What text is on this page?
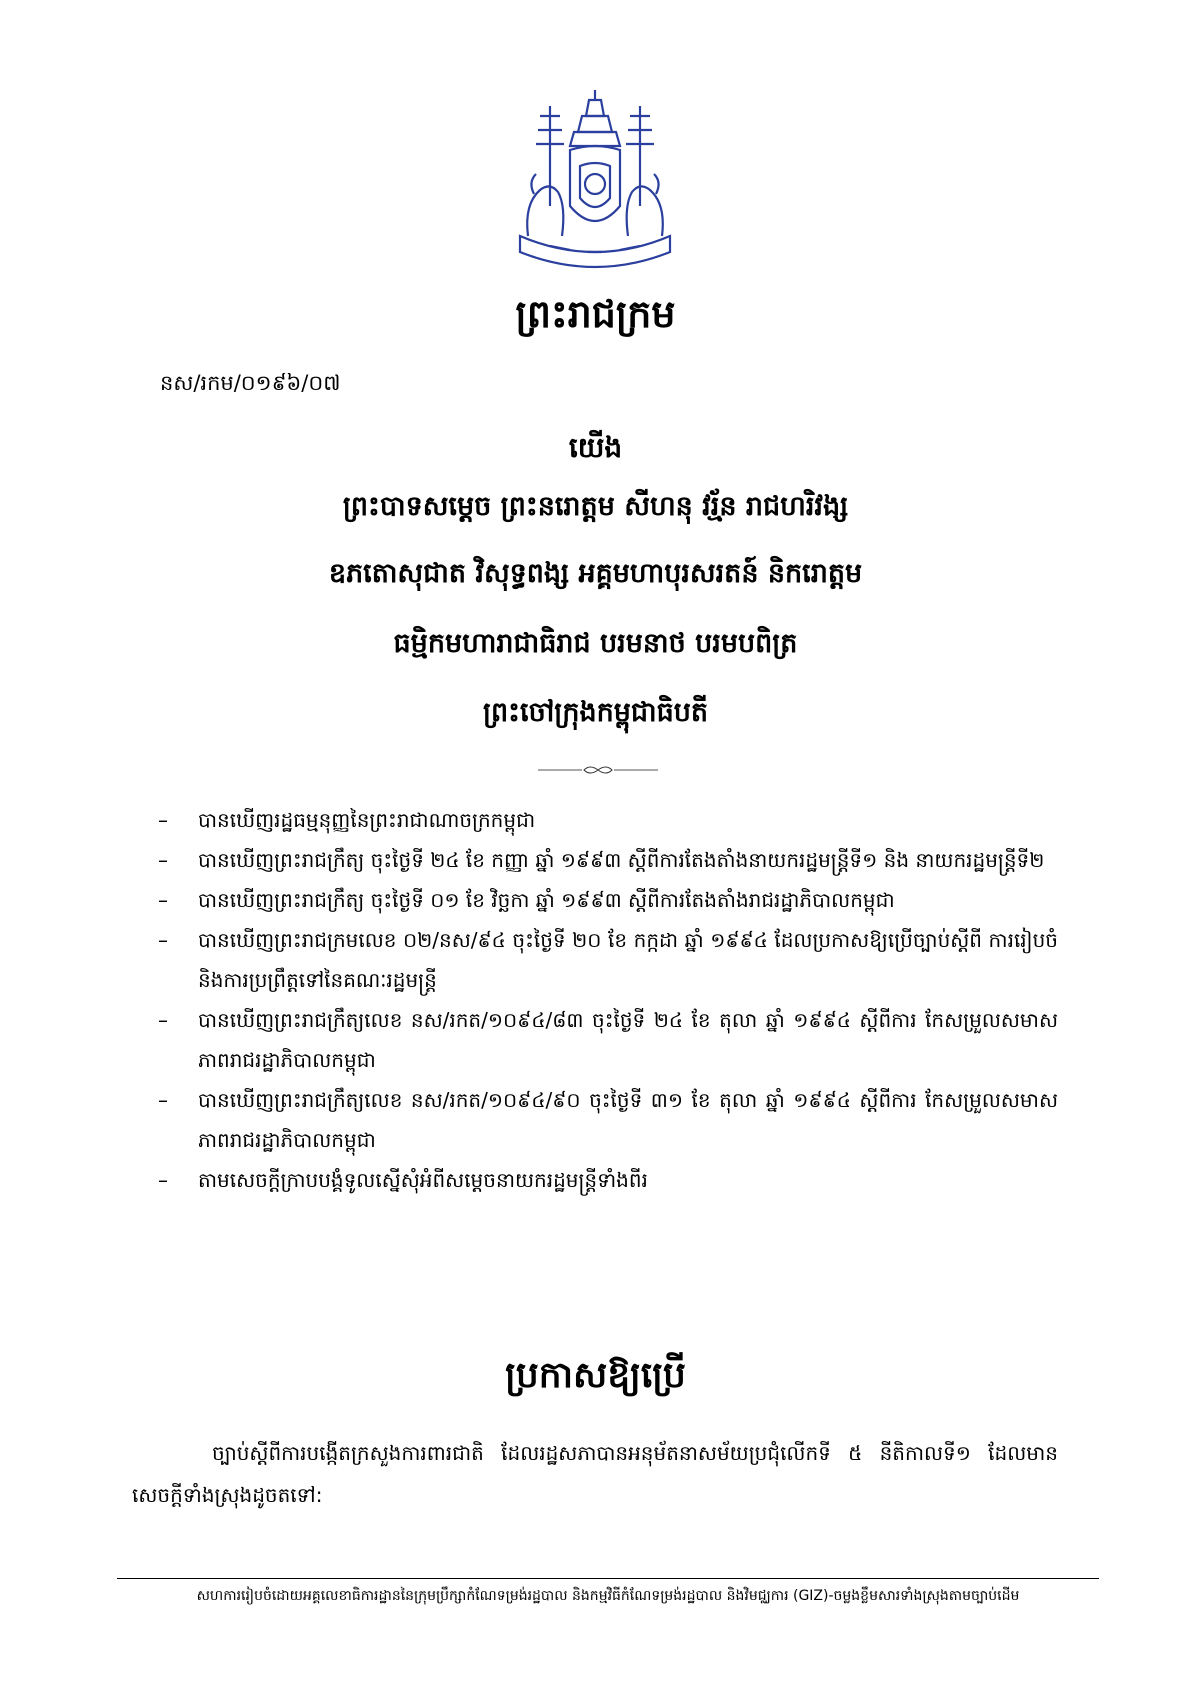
ព្រះរាជក្រម
នស/រកម/០១៩៦/០៧
យើង
ព្រះបាទសម្តេច ព្រះនរោត្តម សីហនុ វរ្ម័ន រាជហរិវង្ស
ឧភតោសុជាត វិសុទ្ធពង្ស អគ្គមហាបុរសរតន៍ និករោត្តម
ធម្មិកមហារាជាធិរាជ បរមនាថ បរមបពិត្រ
ព្រះចៅក្រុងកម្ពុជាធិបតី
– បានឃើញរដ្ឋធម្មនុញ្ញនៃព្រះរាជាណាចក្រកម្ពុជា
– បានឃើញព្រះរាជក្រឹត្យ ចុះថ្ងៃទី ២៤ ខែ កញ្ញា ឆ្នាំ ១៩៩៣ ស្តីពីការតែងតាំងនាយករដ្ឋមន្ត្រីទី១ និង នាយករដ្ឋមន្ត្រីទី២
– បានឃើញព្រះរាជក្រឹត្យ ចុះថ្ងៃទី ០១ ខែ វិច្ឆកា ឆ្នាំ ១៩៩៣ ស្តីពីការតែងតាំងរាជរដ្ឋាភិបាលកម្ពុជា
– បានឃើញព្រះរាជក្រមលេខ ០២/នស/៩៤ ចុះថ្ងៃទី ២០ ខែ កក្កដា ឆ្នាំ ១៩៩៤ ដែលប្រកាសឱ្យប្រើច្បាប់ស្តីពី ការរៀបចំនិងការប្រព្រឹត្តទៅនៃគណៈរដ្ឋមន្ត្រី
– បានឃើញព្រះរាជក្រឹត្យលេខ នស/រកត/១០៩៤/៨៣ ចុះថ្ងៃទី ២៤ ខែ តុលា ឆ្នាំ ១៩៩៤ ស្តីពីការ កែសម្រួលសមាសភាពរាជរដ្ឋាភិបាលកម្ពុជា
– បានឃើញព្រះរាជក្រឹត្យលេខ នស/រកត/១០៩៤/៩០ ចុះថ្ងៃទី ៣១ ខែ តុលា ឆ្នាំ ១៩៩៤ ស្តីពីការ កែសម្រួលសមាសភាពរាជរដ្ឋាភិបាលកម្ពុជា
– តាមសេចក្តីក្រាបបង្គំទូលស្នើសុំអំពីសម្តេចនាយករដ្ឋមន្ត្រីទាំងពីរ
ប្រកាសឱ្យប្រើ
ច្បាប់ស្តីពីការបង្កើតក្រសួងការពារជាតិ ដែលរដ្ឋសភាបានអនុម័តនាសម័យប្រជុំលើកទី ៥ នីតិកាលទី១ ដែលមានសេចក្តីទាំងស្រុងដូចតទៅ:
សហការរៀបចំដោយអគ្គលេខាធិការដ្ឋាននៃក្រុមប្រឹក្សាកំណែទម្រង់រដ្ឋបាល និងកម្មវិធីកំណែទម្រង់រដ្ឋបាល និងវិមជ្ឈការ (GIZ)-ចម្លងខ្លឹមសារទាំងស្រុងតាមច្បាប់ដើម
